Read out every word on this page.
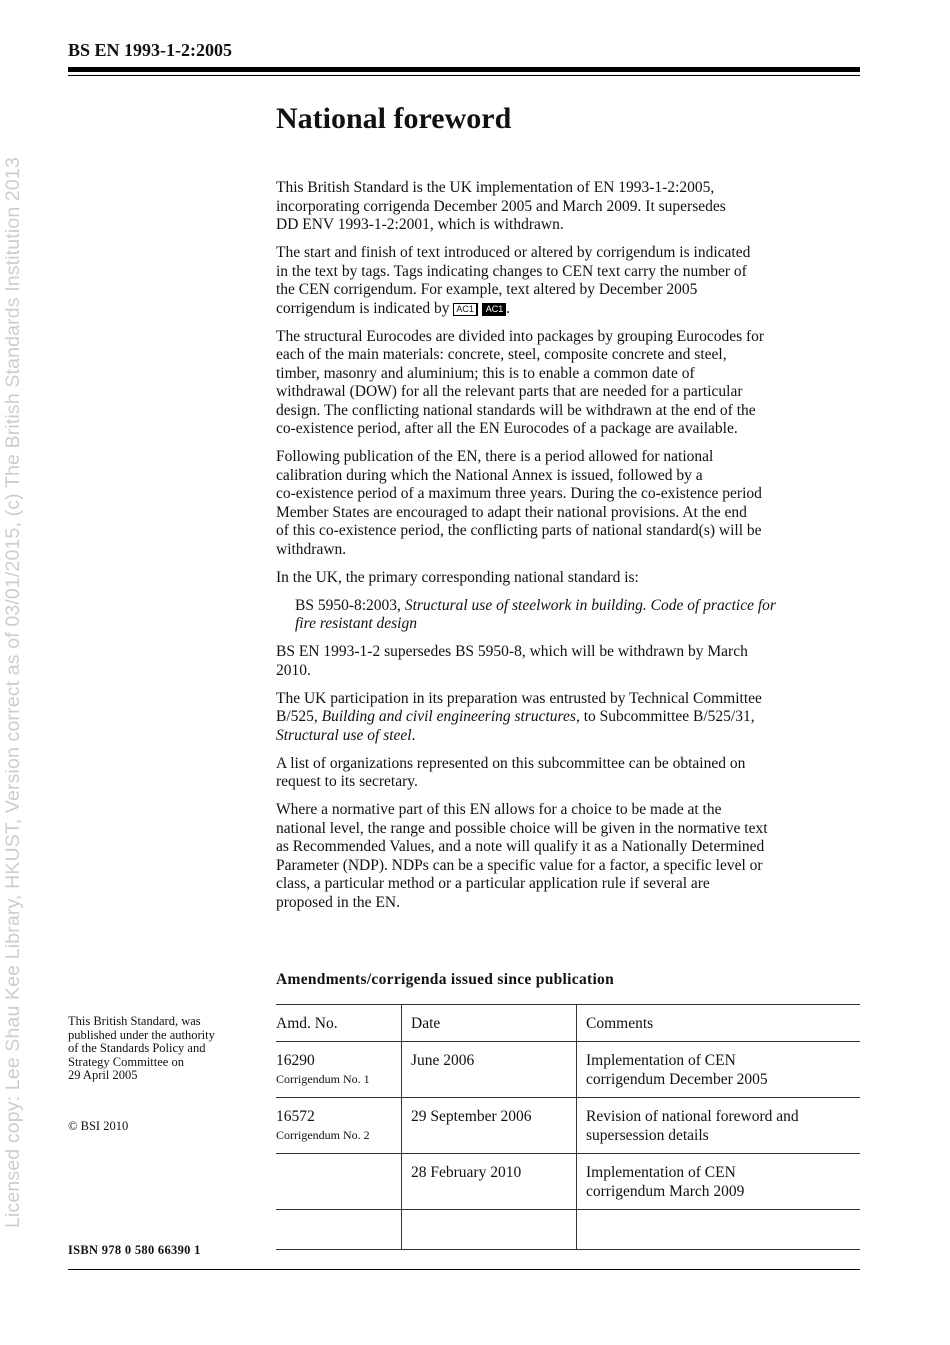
Licensed copy: Lee Shau Kee Library, HKUST, Version correct as of 03/01/2015, (c) The British Standards Institution 2013
BS EN 1993-1-2:2005
National foreword

This British Standard is the UK implementation of EN 1993-1-2:2005,
incorporating corrigenda December 2005 and March 2009. It supersedes
DD ENV 1993-1-2:2001, which is withdrawn.

The start and finish of text introduced or altered by corrigendum is indicated
in the text by tags. Tags indicating changes to CEN text carry the number of
the CEN corrigendum. For example, text altered by December 2005
corrigendum is indicated by AC1 AC1 .

The structural Eurocodes are divided into packages by grouping Eurocodes for
each of the main materials: concrete, steel, composite concrete and steel,
timber, masonry and aluminium; this is to enable a common date of
withdrawal (DOW) for all the relevant parts that are needed for a particular
design. The conflicting national standards will be withdrawn at the end of the
co-existence period, after all the EN Eurocodes of a package are available.

Following publication of the EN, there is a period allowed for national
calibration during which the National Annex is issued, followed by a
co-existence period of a maximum three years. During the co-existence period
Member States are encouraged to adapt their national provisions. At the end
of this co-existence period, the conflicting parts of national standard(s) will be
withdrawn.

In the UK, the primary corresponding national standard is:

BS 5950-8:2003, Structural use of steelwork in building. Code of practice for
fire resistant design

BS EN 1993-1-2 supersedes BS 5950-8, which will be withdrawn by March
2010.

The UK participation in its preparation was entrusted by Technical Committee
B/525, Building and civil engineering structures, to Subcommittee B/525/31,
Structural use of steel.

A list of organizations represented on this subcommittee can be obtained on
request to its secretary.

Where a normative part of this EN allows for a choice to be made at the
national level, the range and possible choice will be given in the normative text
as Recommended Values, and a note will qualify it as a Nationally Determined
Parameter (NDP). NDPs can be a specific value for a factor, a specific level or
class, a particular method or a particular application rule if several are
proposed in the EN.

Amendments/corrigenda issued since publication
Amd. No.	Date	Comments
16290
Corrigendum No. 1	June 2006	Implementation of CEN
corrigendum December 2005
16572
Corrigendum No. 2	29 September 2006	Revision of national foreword and
supersession details
	28 February 2010	Implementation of CEN
corrigendum March 2009

This British Standard, was
published under the authority
of the Standards Policy and
Strategy Committee on
29 April 2005
© BSI 2010
ISBN 978 0 580 66390 1
